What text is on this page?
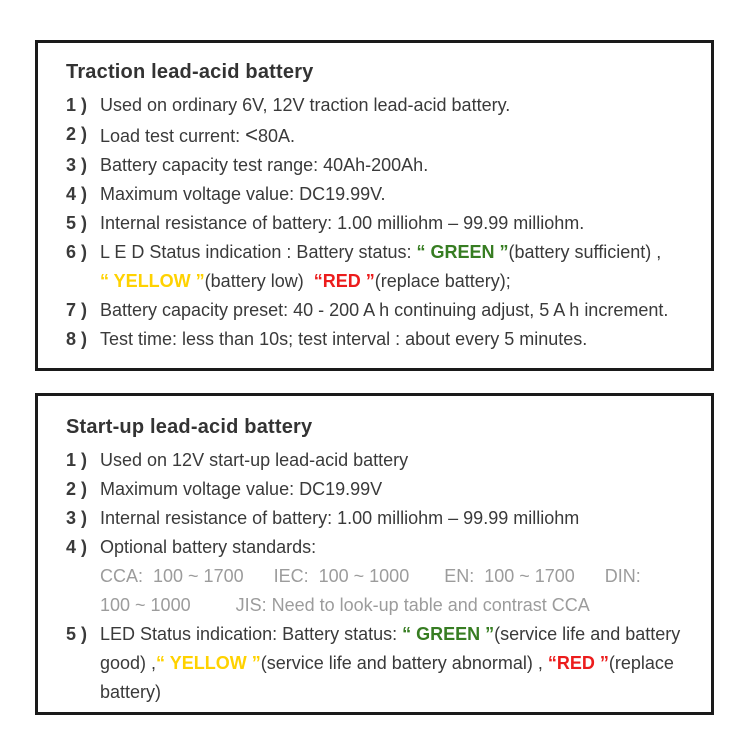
Traction lead-acid battery
1 ) Used on ordinary 6V, 12V traction lead-acid battery.
2 ) Load test current: <80A.
3 ) Battery capacity test range: 40Ah-200Ah.
4 ) Maximum voltage value: DC19.99V.
5 ) Internal resistance of battery: 1.00 milliohm – 99.99 milliohm.
6 ) L E D Status indication : Battery status: “ GREEN ”(battery sufficient) ,
“ YELLOW ”(battery low)  “RED ”(replace battery);
7 ) Battery capacity preset: 40 - 200 A h continuing adjust, 5 A h increment.
8 ) Test time: less than 10s; test interval : about every 5 minutes.
Start-up lead-acid battery
1 ) Used on 12V start-up lead-acid battery
2 ) Maximum voltage value: DC19.99V
3 ) Internal resistance of battery: 1.00 milliohm – 99.99 milliohm
4 ) Optional battery standards:
CCA:  100 ~ 1700      IEC:  100 ~ 1000       EN:  100 ~ 1700      DIN:
100 ~ 1000         JIS: Need to look-up table and contrast CCA
5 ) LED Status indication: Battery status: “ GREEN ”(service life and battery good) ,“ YELLOW ”(service life and battery abnormal) , “RED ”(replace battery)
